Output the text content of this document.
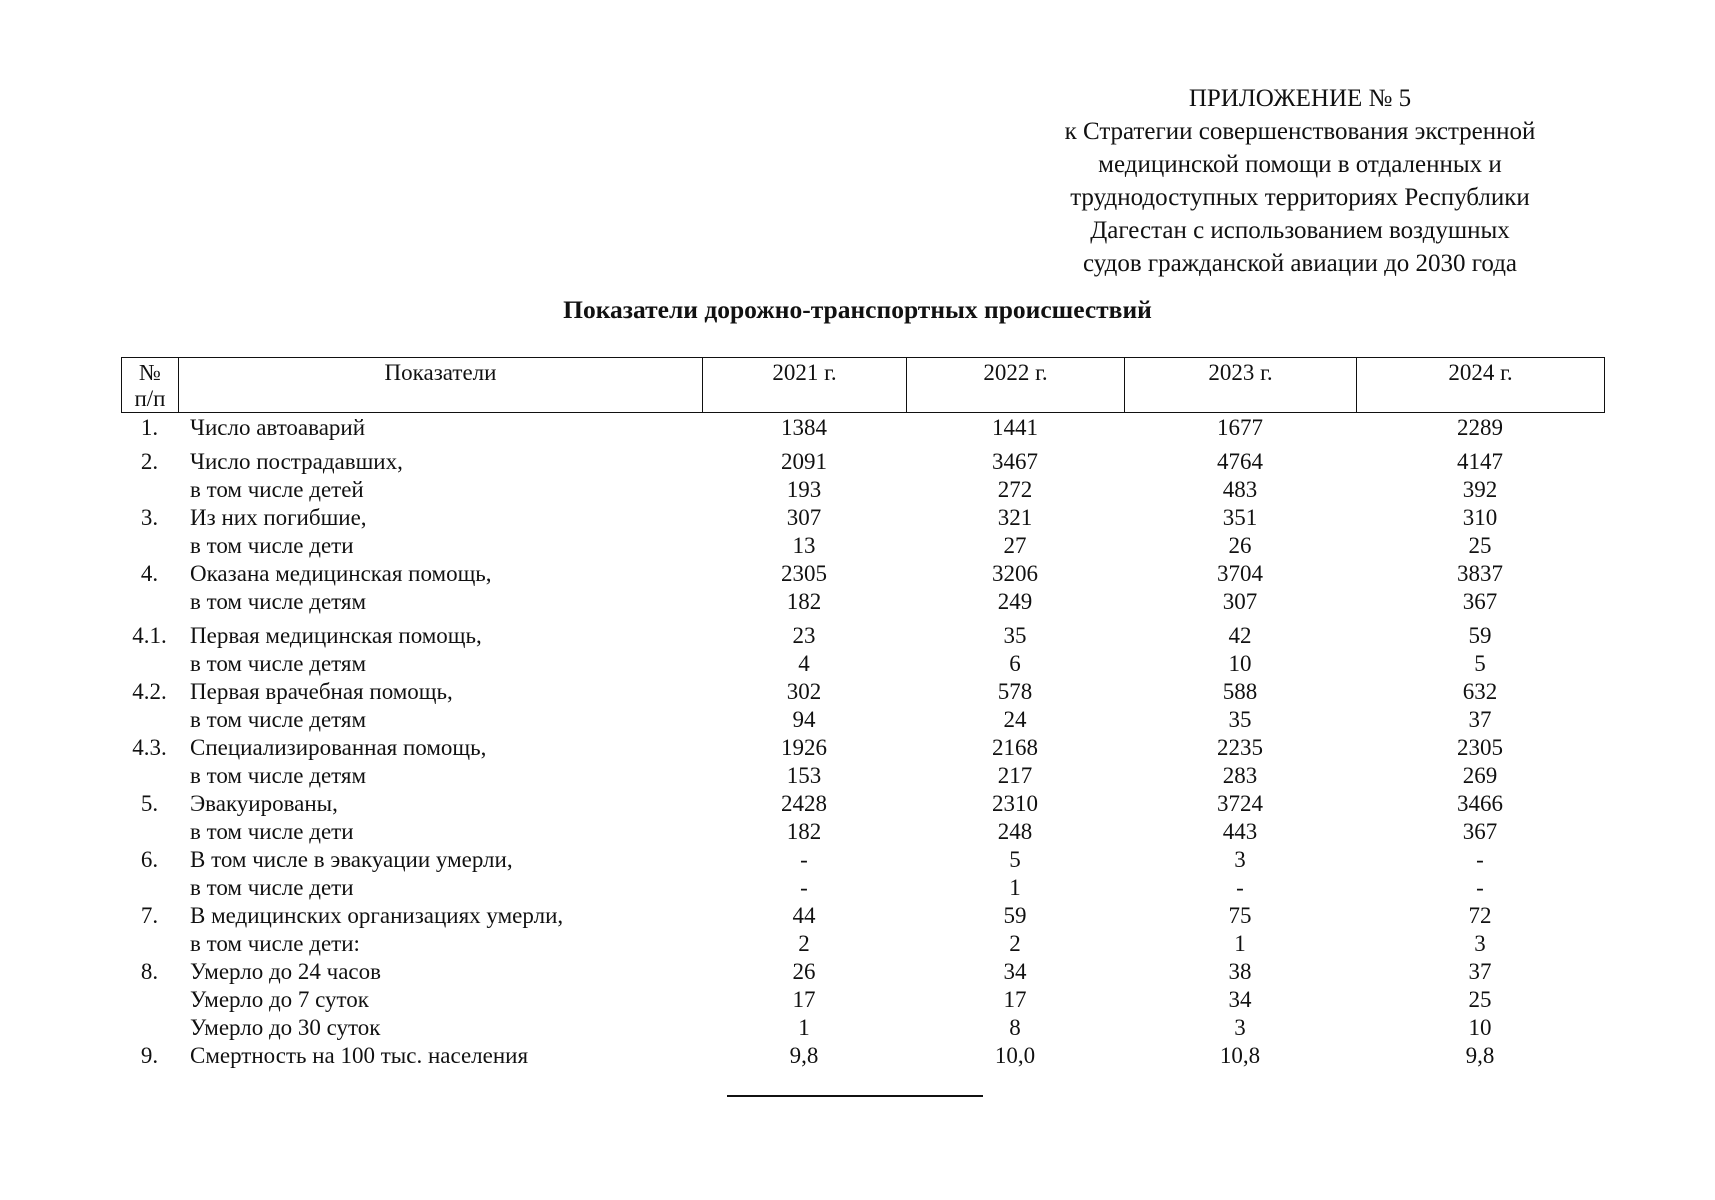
ПРИЛОЖЕНИЕ № 5
к Стратегии совершенствования экстренной
медицинской помощи в отдаленных и
труднодоступных территориях Республики
Дагестан с использованием воздушных
судов гражданской авиации до 2030 года
Показатели дорожно-транспортных происшествий
№
п/п
	Показатели	2021 г.	2022 г.	2023 г.	2024 г.
1.	Число автоаварий	1384	1441	1677	2289
2.	Число пострадавших,	2091	3467	4764	4147
	в том числе детей	193	272	483	392
3.	Из них погибшие,	307	321	351	310
	в том числе дети	13	27	26	25
4.	Оказана медицинская помощь,	2305	3206	3704	3837
	в том числе детям	182	249	307	367
4.1.	Первая медицинская помощь,	23	35	42	59
	в том числе детям	4	6	10	5
4.2.	Первая врачебная помощь,	302	578	588	632
	в том числе детям	94	24	35	37
4.3.	Специализированная помощь,	1926	2168	2235	2305
	в том числе детям	153	217	283	269
5.	Эвакуированы,	2428	2310	3724	3466
	в том числе дети	182	248	443	367
6.	В том числе в эвакуации умерли,	-	5	3	-
	в том числе дети	-	1	-	-
7.	В медицинских организациях умерли,	44	59	75	72
	в том числе дети:	2	2	1	3
8.	Умерло до 24 часов	26	34	38	37
	Умерло до 7 суток	17	17	34	25
	Умерло до 30 суток	1	8	3	10
9.	Смертность на 100 тыс. населения	9,8	10,0	10,8	9,8
